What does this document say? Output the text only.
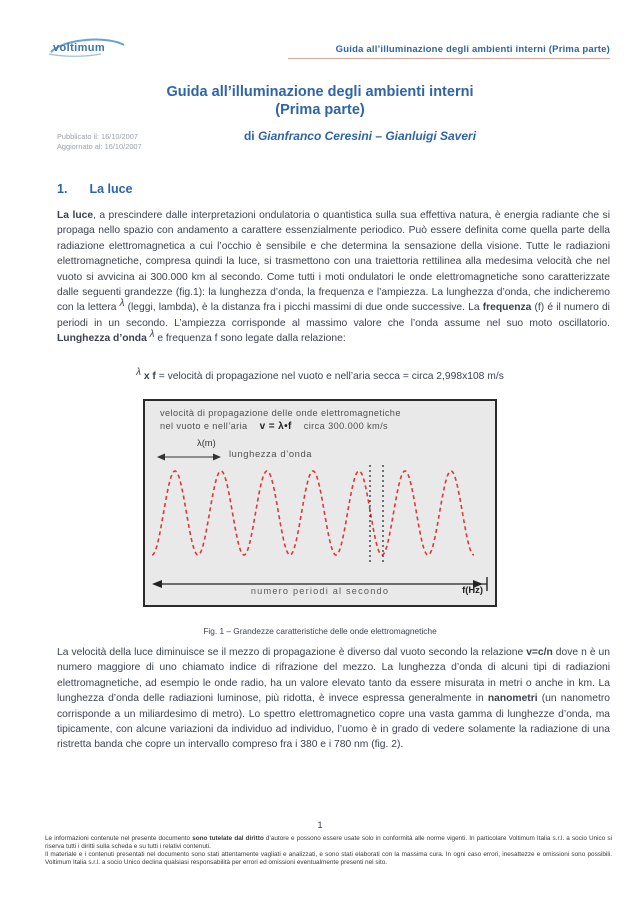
voltimum	Guida all’illuminazione degli ambienti interni (Prima parte)
Guida all’illuminazione degli ambienti interni
(Prima parte)
Pubblicato il: 16/10/2007
Aggiornato al: 16/10/2007
di Gianfranco Ceresini – Gianluigi Saveri
1. La luce
La luce, a prescindere dalle interpretazioni ondulatoria o quantistica sulla sua effettiva natura, è energia radiante che si propaga nello spazio con andamento a carattere essenzialmente periodico. Può essere definita come quella parte della radiazione elettromagnetica a cui l’occhio è sensibile e che determina la sensazione della visione. Tutte le radiazioni elettromagnetiche, compresa quindi la luce, si trasmettono con una traiettoria rettilinea alla medesima velocità che nel vuoto si avvicina ai 300.000 km al secondo. Come tutti i moti ondulatori le onde elettromagnetiche sono caratterizzate dalle seguenti grandezze (fig.1): la lunghezza d’onda, la frequenza e l’ampiezza. La lunghezza d’onda, che indicheremo con la lettera λ (leggi, lambda), è la distanza fra i picchi massimi di due onde successive. La frequenza (f) é il numero di periodi in un secondo. L’ampiezza corrisponde al massimo valore che l’onda assume nel suo moto oscillatorio. Lunghezza d’onda λ e frequenza f sono legate dalla relazione:
λ x f = velocità di propagazione nel vuoto e nell’aria secca = circa 2,998x108 m/s
velocità di propagazione delle onde elettromagnetiche
nel vuoto e nell’aria v = λ•f circa 300.000 km/s
λ(m)
lunghezza d’onda
numero periodi al secondo	f(Hz)
Fig. 1 – Grandezze caratteristiche delle onde elettromagnetiche
La velocità della luce diminuisce se il mezzo di propagazione è diverso dal vuoto secondo la relazione v=c/n dove n è un numero maggiore di uno chiamato indice di rifrazione del mezzo. La lunghezza d’onda di alcuni tipi di radiazioni elettromagnetiche, ad esempio le onde radio, ha un valore elevato tanto da essere misurata in metri o anche in km. La lunghezza d’onda delle radiazioni luminose, più ridotta, è invece espressa generalmente in nanometri (un nanometro corrisponde a un miliardesimo di metro). Lo spettro elettromagnetico copre una vasta gamma di lunghezze d’onda, ma tipicamente, con alcune variazioni da individuo ad individuo, l’uomo è in grado di vedere solamente la radiazione di una ristretta banda che copre un intervallo compreso fra i 380 e i 780 nm (fig. 2).
1
Le informazioni contenute nel presente documento sono tutelate dal diritto d’autore e possono essere usate solo in conformità alle norme vigenti. In particolare Voltimum Italia s.r.l. a socio Unico si riserva tutti i diritti sulla scheda e su tutti i relativi contenuti.
Il materiale e i contenuti presentati nel documento sono stati attentamente vagliati e analizzati, e sono stati elaborati con la massima cura. In ogni caso errori, inesattezze e omissioni sono possibili. Voltimum Italia s.r.l. a socio Unico declina qualsiasi responsabilità per errori ed omissioni eventualmente presenti nel sito.
